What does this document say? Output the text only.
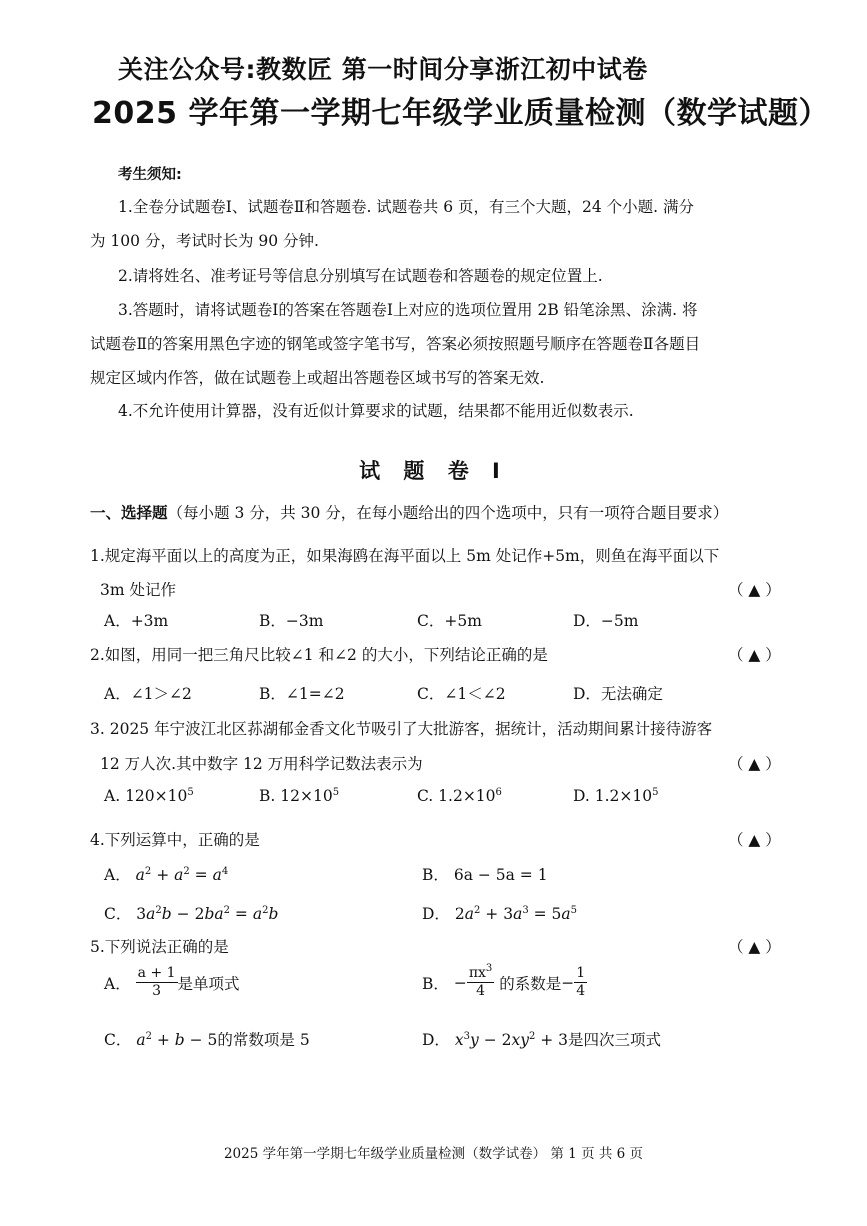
关注公众号:教数匠 第一时间分享浙江初中试卷
2025 学年第一学期七年级学业质量检测（数学试题）
考生须知:
1.全卷分试题卷Ⅰ、试题卷Ⅱ和答题卷. 试题卷共 6 页，有三个大题，24 个小题. 满分
为 100 分，考试时长为 90 分钟.
2.请将姓名、准考证号等信息分别填写在试题卷和答题卷的规定位置上.
3.答题时，请将试题卷Ⅰ的答案在答题卷Ⅰ上对应的选项位置用 2B 铅笔涂黑、涂满. 将
试题卷Ⅱ的答案用黑色字迹的钢笔或签字笔书写，答案必须按照题号顺序在答题卷Ⅱ各题目
规定区域内作答，做在试题卷上或超出答题卷区域书写的答案无效.
4.不允许使用计算器，没有近似计算要求的试题，结果都不能用近似数表示.
试 题 卷 Ⅰ
一、选择题（每小题 3 分，共 30 分，在每小题给出的四个选项中，只有一项符合题目要求）
1.规定海平面以上的高度为正，如果海鸥在海平面以上 5m 处记作+5m，则鱼在海平面以下
3m 处记作	（ ▲ ）
A．+3m	B．−3m	C．+5m	D．−5m
2.如图，用同一把三角尺比较∠1 和∠2 的大小，下列结论正确的是	（ ▲ ）
A．∠1＞∠2	B．∠1=∠2	C．∠1＜∠2	D．无法确定
3. 2025 年宁波江北区荪湖郁金香文化节吸引了大批游客，据统计，活动期间累计接待游客
12 万人次.其中数字 12 万用科学记数法表示为	（ ▲ ）
A. $120\times 10^5$	B. $12\times 10^5$	C. $1.2\times 10^6$	D. $1.2\times 10^5$
4.下列运算中，正确的是	（ ▲ ）
A． $a^2 + a^2 = a^4$	B． 6a − 5a = 1
C． $3a^2b - 2ba^2 = a^2b$	D． $2a^2 + 3a^3 = 5a^5$
5.下列说法正确的是	（ ▲ ）
A．
$\frac{a + 1}{3}$ 是单项式	B． − $\frac{\pi x^3}{4}$
的系数是 − $\frac{1}{4}$
C． $a^2 + b - 5$的常数项是 5	D． $x^3y - 2xy^2 + 3$是四次三项式
2025 学年第一学期七年级学业质量检测（数学试卷） 第 1 页 共 6 页
